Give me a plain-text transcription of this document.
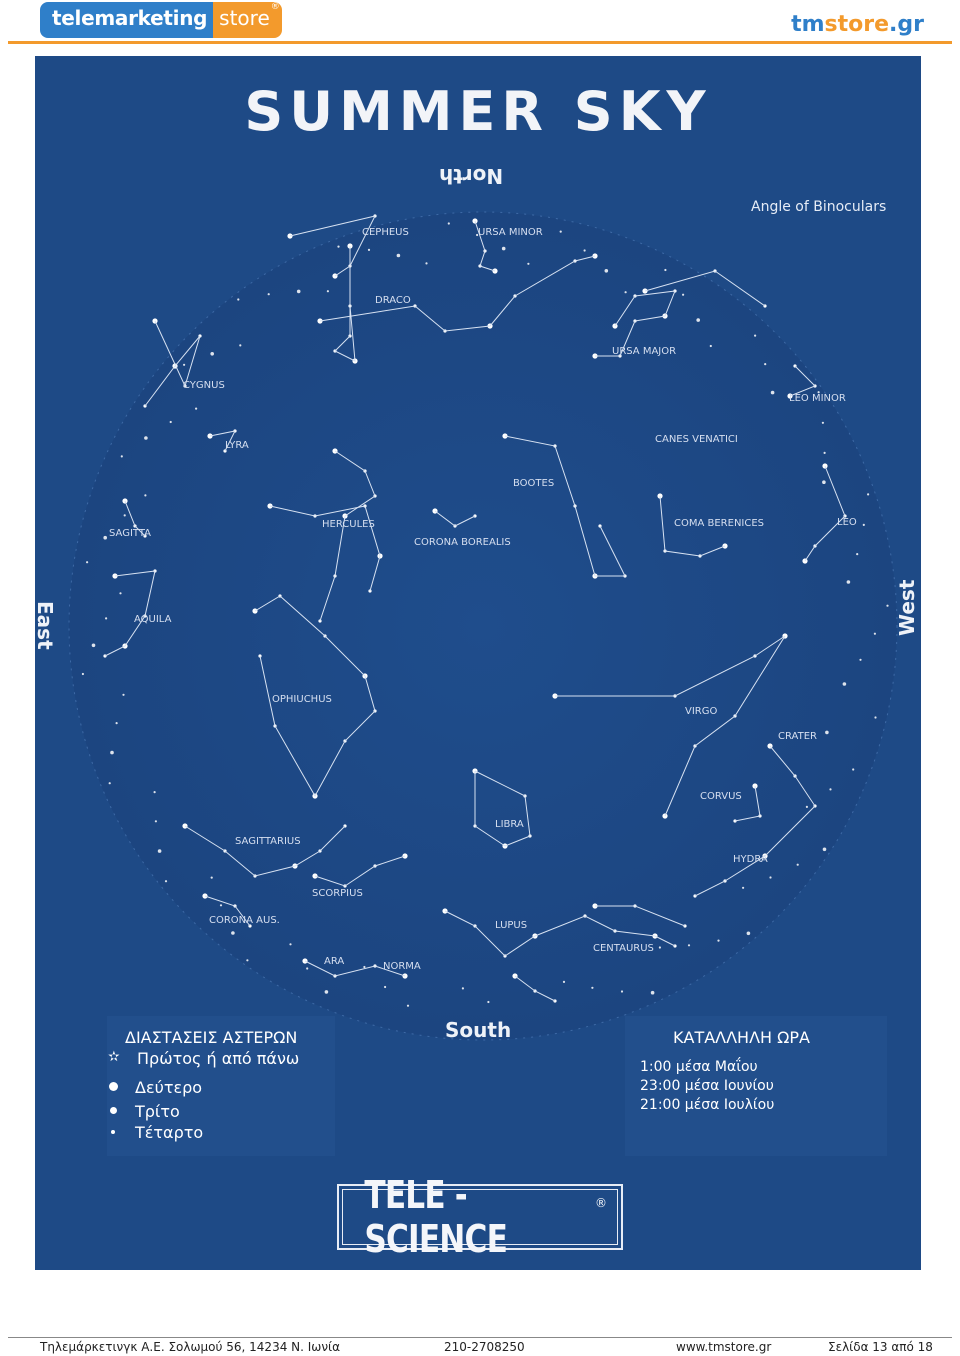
telemarketing store ®
tmstore.gr
SUMMER SKY
North
East	West
South
Angle of Binoculars
CEPHEUS	URSA MINOR
DRACO
URSA MAJOR
CYGNUS
LEO MINOR
LYRA
CANES VENATICI
BOOTES
HERCULES
CORONA BOREALIS
SAGITTA
COMA BERENICES	LEO
AQUILA
OPHIUCHUS
VIRGO
CRATER
CORVUS
LIBRA
SAGITTARIUS
HYDRA
SCORPIUS
CORONA AUS.	LUPUS
CENTAURUS
ARA	NORMA
ΔΙΑΣΤΑΣΕΙΣ ΑΣΤΕΡΩΝ
✫ Πρώτος ή από πάνω
Δεύτερο
Τρίτο
Τέταρτο
ΚΑΤΑΛΛΗΛΗ ΩΡΑ
1:00 μέσα Μαΐου
23:00 μέσα Ιουνίου
21:00 μέσα Ιουλίου
TELE - SCIENCE
®
Τηλεμάρκετινγκ Α.Ε. Σολωμού 56, 14234 Ν. Ιωνία	210-2708250	www.tmstore.gr	Σελίδα 13 από 18
